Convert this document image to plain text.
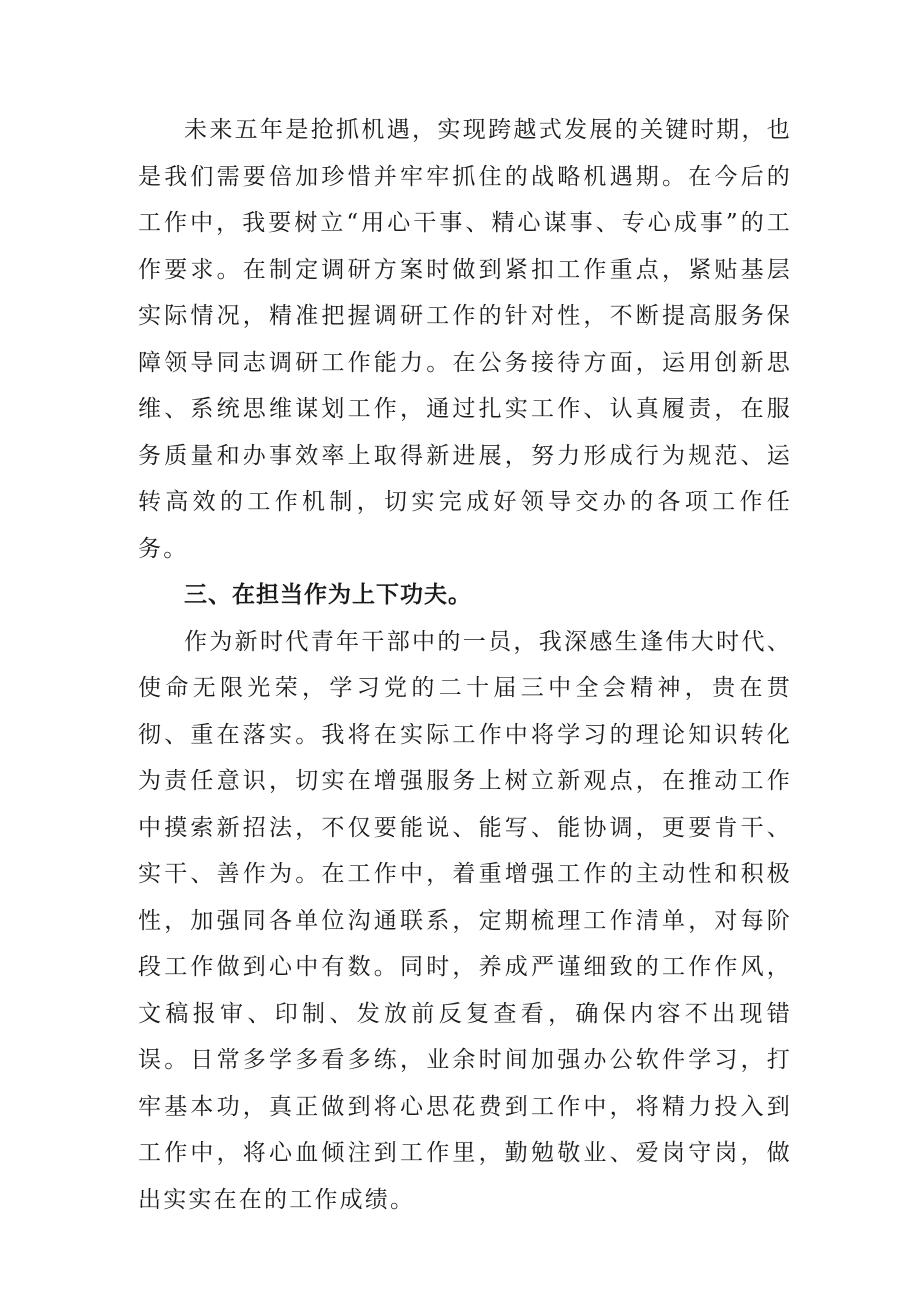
未来五年是抢抓机遇，实现跨越式发展的关键时期，也是我们需要倍加珍惜并牢牢抓住的战略机遇期。在今后的工作中，我要树立“用心干事、精心谋事、专心成事”的工作要求。在制定调研方案时做到紧扣工作重点，紧贴基层实际情况，精准把握调研工作的针对性，不断提高服务保障领导同志调研工作能力。在公务接待方面，运用创新思维、系统思维谋划工作，通过扎实工作、认真履责，在服务质量和办事效率上取得新进展，努力形成行为规范、运转高效的工作机制，切实完成好领导交办的各项工作任务。

三、在担当作为上下功夫。

作为新时代青年干部中的一员，我深感生逢伟大时代、使命无限光荣，学习党的二十届三中全会精神，贵在贯彻、重在落实。我将在实际工作中将学习的理论知识转化为责任意识，切实在增强服务上树立新观点，在推动工作中摸索新招法，不仅要能说、能写、能协调，更要肯干、实干、善作为。在工作中，着重增强工作的主动性和积极性，加强同各单位沟通联系，定期梳理工作清单，对每阶段工作做到心中有数。同时，养成严谨细致的工作作风，文稿报审、印制、发放前反复查看，确保内容不出现错误。日常多学多看多练，业余时间加强办公软件学习，打牢基本功，真正做到将心思花费到工作中，将精力投入到工作中，将心血倾注到工作里，勤勉敬业、爱岗守岗，做出实实在在的工作成绩。
